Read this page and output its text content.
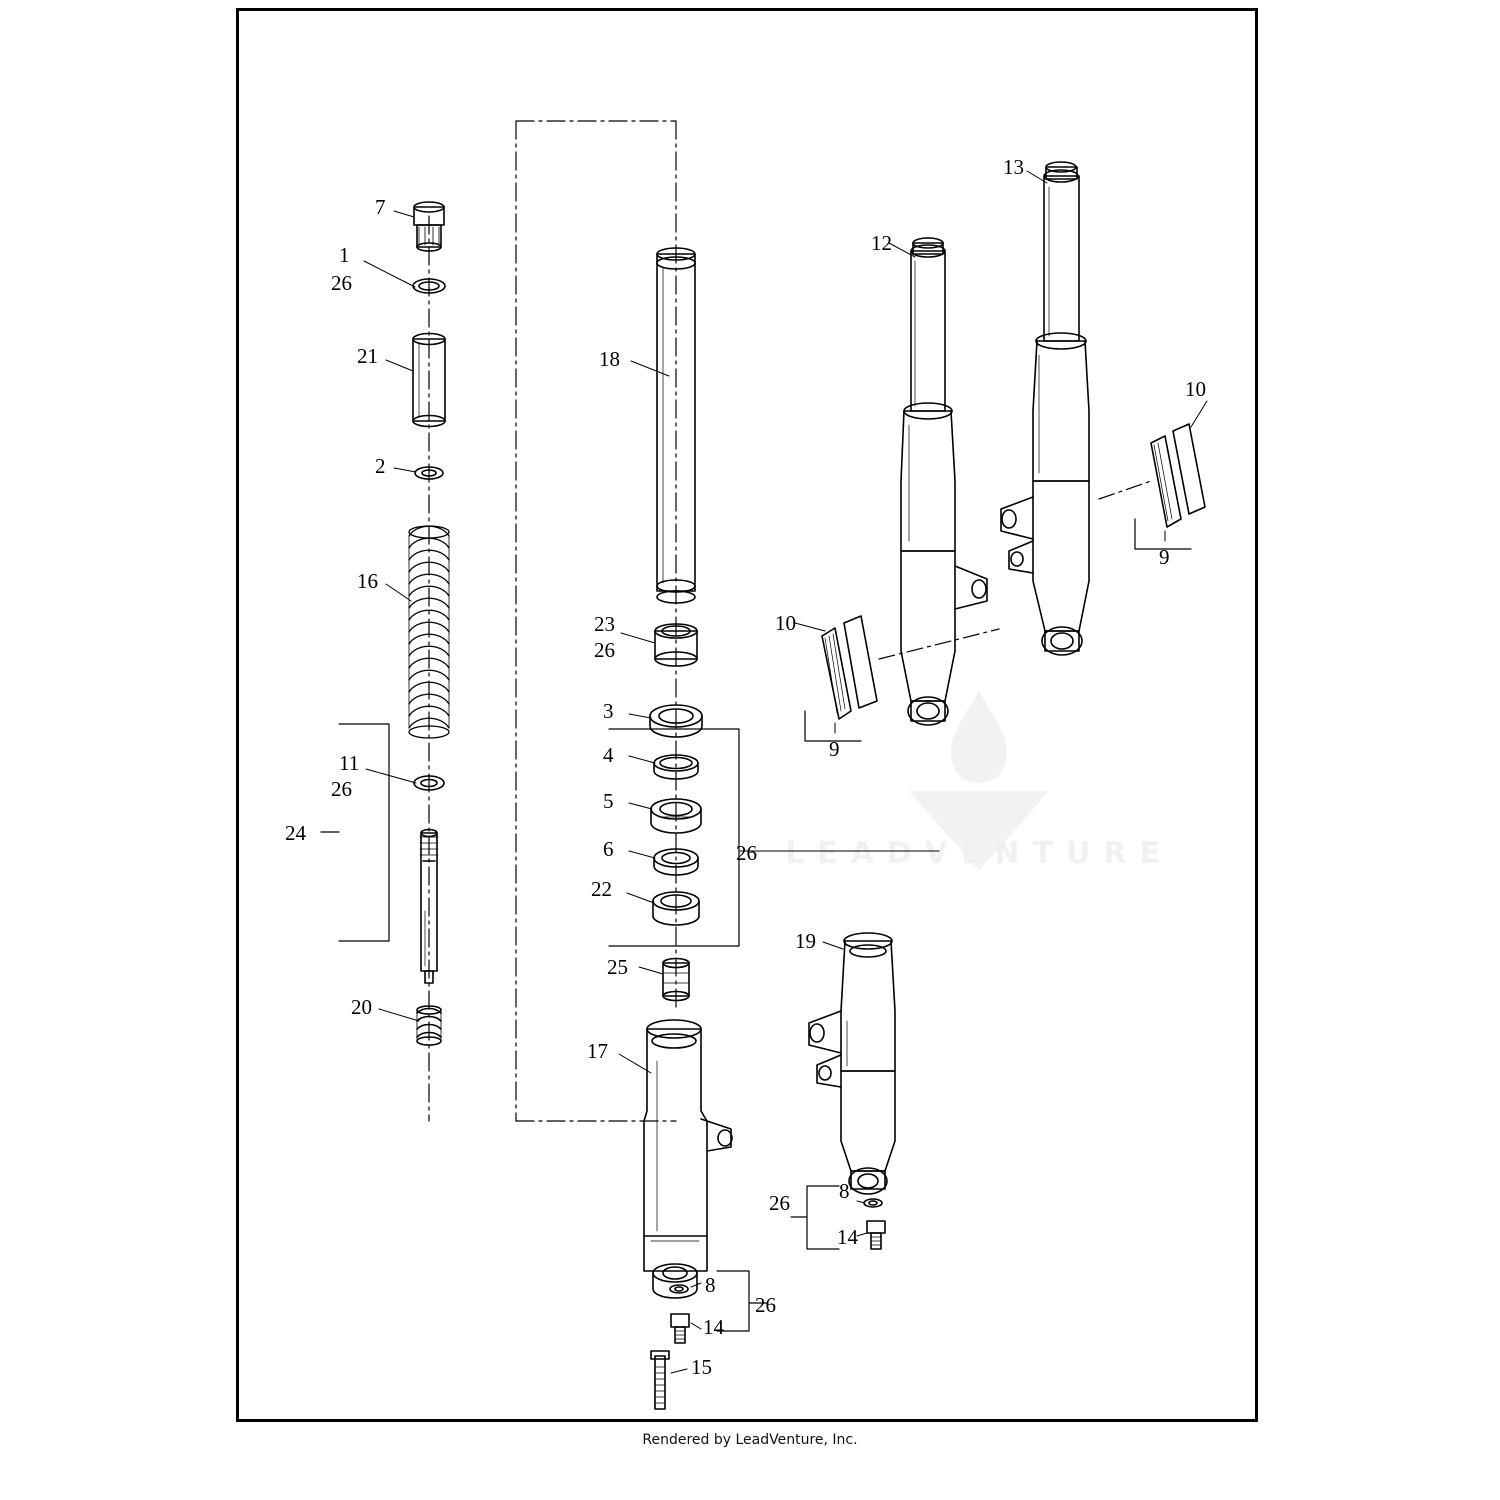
LEADVENTURE
7
1
26
21
2
16
11
26
24
20
18
23
26
3
4
5
6	26
22
25
17
8
26
14
15
19
8
26
14
12
10
9
13
10
9
Rendered by LeadVenture, Inc.
